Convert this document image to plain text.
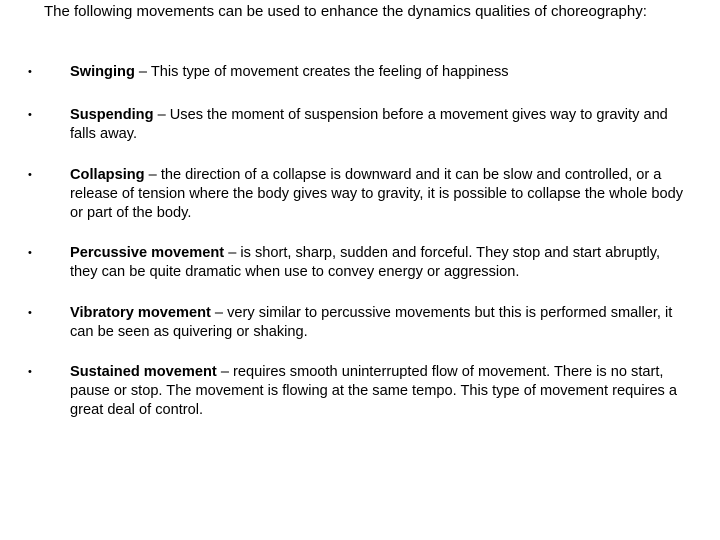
The following movements can be used to enhance the dynamics qualities of choreography:
•	Swinging – This type of movement creates the feeling of happiness
•	Suspending – Uses the moment of suspension before a movement gives way to gravity and falls away.
•	Collapsing – the direction of a collapse is downward and it can be slow and controlled, or a release of tension where the body gives way to gravity, it is possible to collapse the whole body or part of the body.
•	Percussive movement – is short, sharp, sudden and forceful. They stop and start abruptly, they can be quite dramatic when use to convey energy or aggression.
•	Vibratory movement – very similar to percussive movements but this is performed smaller, it can be seen as quivering or shaking.
•	Sustained movement – requires smooth uninterrupted flow of movement. There is no start, pause or stop. The movement is flowing at the same tempo. This type of movement requires a great deal of control.
